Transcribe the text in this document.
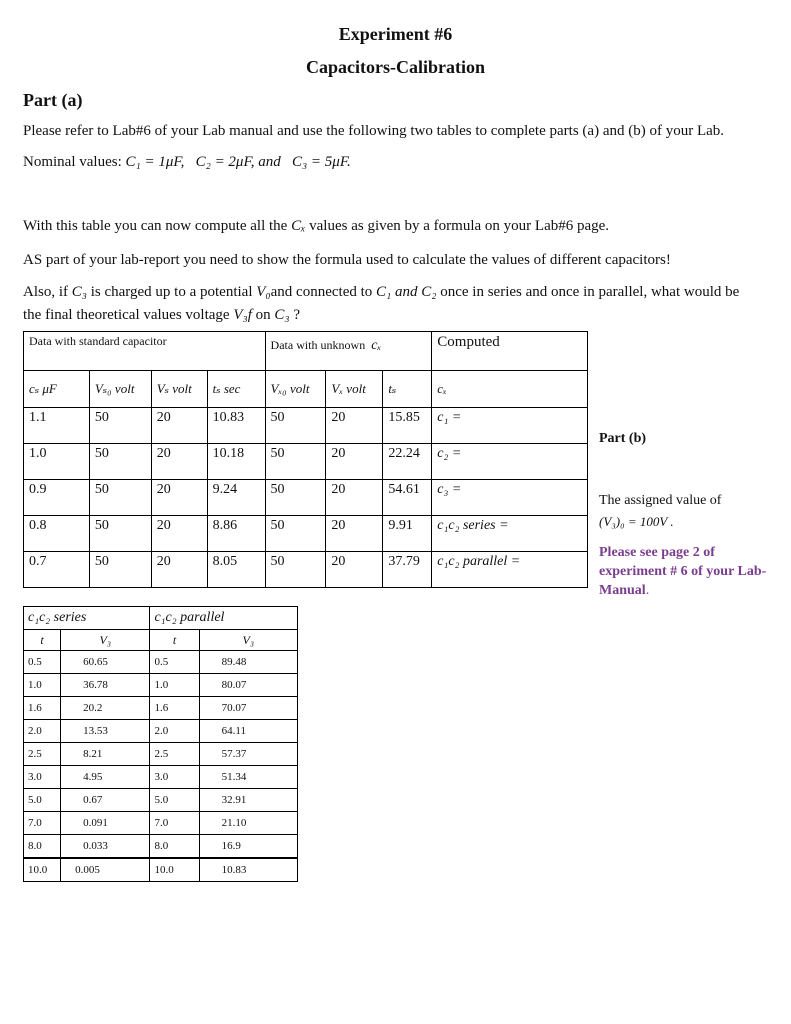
Experiment #6
Capacitors-Calibration
Part (a)
Please refer to Lab#6 of your Lab manual and use the following two tables to complete parts (a) and (b) of your Lab.
Nominal values: C₁ = 1μF, C₂ = 2μF, and C₃ = 5μF.
With this table you can now compute all the Cₓ values as given by a formula on your Lab#6 page.
AS part of your lab-report you need to show the formula used to calculate the values of different capacitors!
Also, if C₃ is charged up to a potential V₀and connected to C₁ and C₂ once in series and once in parallel, what would be
the final theoretical values voltage V₃f on C₃ ?
Data with standard capacitor				Data with unknown cₓ			Computed
cₛ μF	Vₛ₀ volt	Vₛ volt	tₛ sec	Vₓ₀ volt	Vₓ volt	tₛ	cₓ
1.1	50	20	10.83	50	20	15.85	c₁ =
1.0	50	20	10.18	50	20	22.24	c₂ =
0.9	50	20	9.24	50	20	54.61	c₃ =
0.8	50	20	8.86	50	20	9.91	c₁c₂ series =
0.7	50	20	8.05	50	20	37.79	c₁c₂ parallel =
c₁c₂ series		c₁c₂ parallel	
t	V₃	t	V₃
0.5	60.65	0.5	89.48
1.0	36.78	1.0	80.07
1.6	20.2	1.6	70.07
2.0	13.53	2.0	64.11
2.5	8.21	2.5	57.37
3.0	4.95	3.0	51.34
5.0	0.67	5.0	32.91
7.0	0.091	7.0	21.10
8.0	0.033	8.0	16.9
10.0	0.005	10.0	10.83
Part (b)
The assigned value of
(V₃)₀ = 100V .
Please see page 2 of experiment # 6 of your Lab-Manual.
